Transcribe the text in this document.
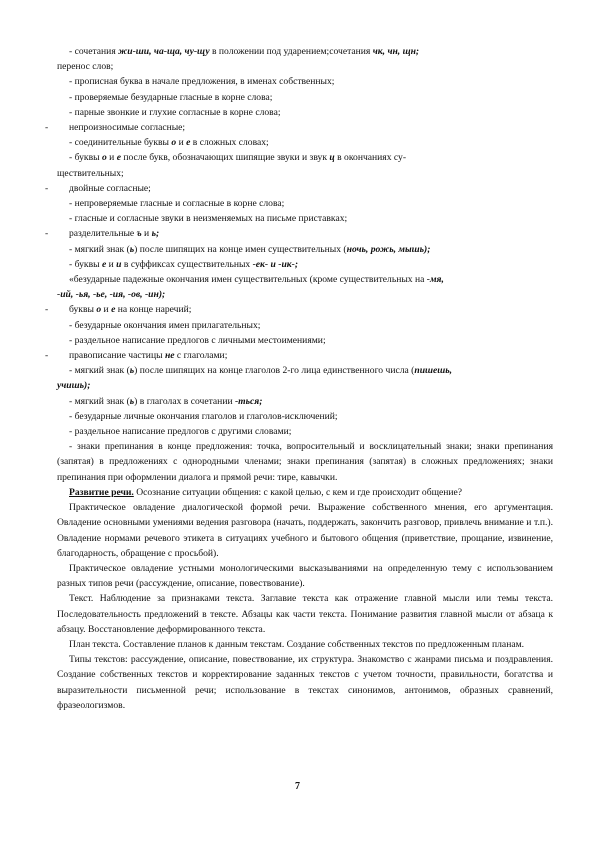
- сочетания жи-ши, ча-ща, чу-щу в положении под ударением;сочетания чк, чн, щн;
перенос слов;
- прописная буква в начале предложения, в именах собственных;
- проверяемые безударные гласные в корне слова;
- парные звонкие и глухие согласные в корне слова;
- непроизносимые согласные;
- соединительные буквы о и е в сложных словах;
- буквы о и е после букв, обозначающих шипящие звуки и звук ц в окончаниях су-
ществительных;
- двойные согласные;
- непроверяемые гласные и согласные в корне слова;
- гласные и согласные звуки в неизменяемых на письме приставках;
- разделительные ъ и ь;
- мягкий знак (ь) после шипящих на конце имен существительных (ночь, рожь, мышь);
- буквы е и и в суффиксах существительных -ек- и -ик-;
«безударные падежные окончания имен существительных (кроме существительных на -мя,
-ий, -ья, -ье, -ия, -ов, -ин);
- буквы о и е на конце наречий;
- безударные окончания имен прилагательных;
- раздельное написание предлогов с личными местоимениями;
- правописание частицы не с глаголами;
- мягкий знак (ь) после шипящих на конце глаголов 2-го лица единственного числа (пишешь,
учишь);
- мягкий знак (ь) в глаголах в сочетании -ться;
- безударные личные окончания глаголов и глаголов-исключений;
- раздельное написание предлогов с другими словами;

- знаки препинания в конце предложения: точка, вопросительный и восклицательный знаки; знаки препинания (запятая) в предложениях с однородными членами; знаки препинания (запятая) в сложных предложениях; знаки препинания при оформлении диалога и прямой речи: тире, кавычки.

Развитие речи. Осознание ситуации общения: с какой целью, с кем и где происходит общение?

Практическое овладение диалогической формой речи. Выражение собственного мнения, его аргументация. Овладение основными умениями ведения разговора (начать, поддержать, закончить разговор, привлечь внимание и т.п.). Овладение нормами речевого этикета в ситуациях учебного и бытового общения (приветствие, прощание, извинение, благодарность, обращение с просьбой).

Практическое овладение устными монологическими высказываниями на определенную тему с использованием разных типов речи (рассуждение, описание, повествование).

Текст. Наблюдение за признаками текста. Заглавие текста как отражение главной мысли или темы текста. Последовательность предложений в тексте. Абзацы как части текста. Понимание развития главной мысли от абзаца к абзацу. Восстановление деформированного текста.

План текста. Составление планов к данным текстам. Создание собственных текстов по предложенным планам.

Типы текстов: рассуждение, описание, повествование, их структура. Знакомство с жанрами письма и поздравления. Создание собственных текстов и корректирование заданных текстов с учетом точности, правильности, богатства и выразительности письменной речи; использование в текстах синонимов, антонимов, образных сравнений, фразеологизмов.

7
